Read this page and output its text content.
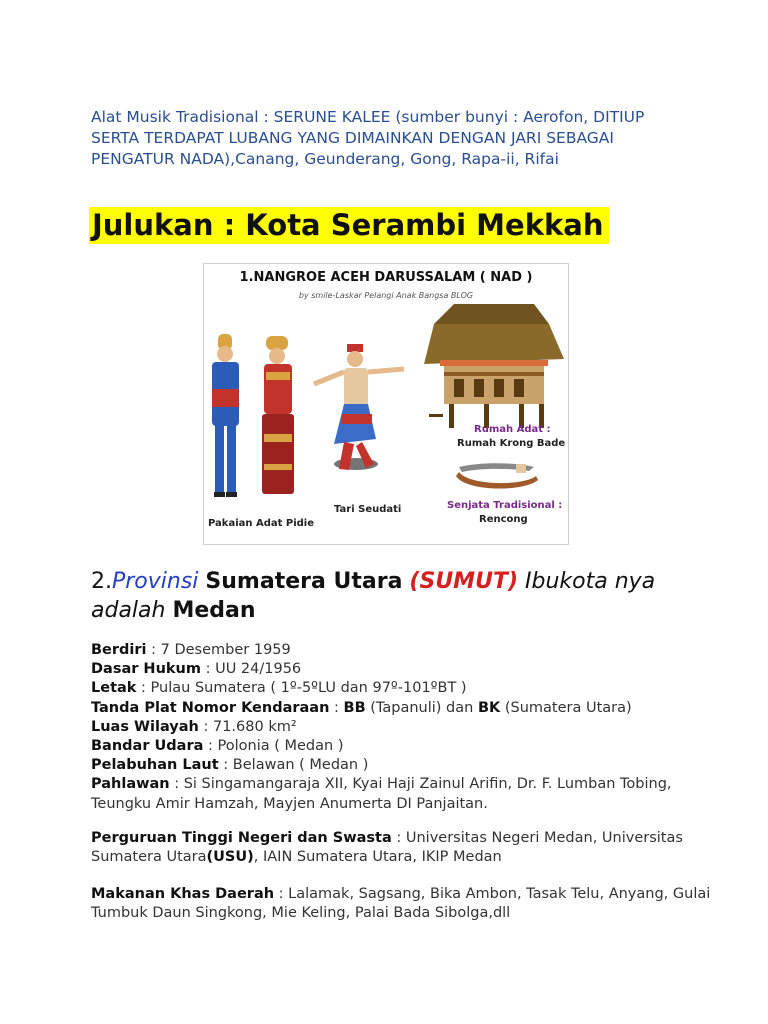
Alat Musik Tradisional : SERUNE KALEE (sumber bunyi : Aerofon, DITIUP SERTA TERDAPAT LUBANG YANG DIMAINKAN DENGAN JARI SEBAGAI PENGATUR NADA),Canang, Geunderang, Gong, Rapa-ii, Rifai
Julukan : Kota Serambi Mekkah
1.NANGROE ACEH DARUSSALAM ( NAD )
by smile-Laskar Pelangi Anak Bangsa BLOG
Rumah Adat :
Rumah Krong Bade
Senjata Tradisional :
Rencong
Tari Seudati
Pakaian Adat Pidie
2.Provinsi Sumatera Utara (SUMUT) Ibukota nya
adalah Medan
Berdiri : 7 Desember 1959
Dasar Hukum : UU 24/1956
Letak : Pulau Sumatera ( 1º-5ºLU dan 97º-101ºBT )
Tanda Plat Nomor Kendaraan : BB (Tapanuli) dan BK (Sumatera Utara)
Luas Wilayah : 71.680 km²
Bandar Udara : Polonia ( Medan )
Pelabuhan Laut : Belawan ( Medan )
Pahlawan : Si Singamangaraja XII, Kyai Haji Zainul Arifin, Dr. F. Lumban Tobing, Teungku Amir Hamzah, Mayjen Anumerta DI Panjaitan.
Perguruan Tinggi Negeri dan Swasta : Universitas Negeri Medan, Universitas Sumatera Utara(USU), IAIN Sumatera Utara, IKIP Medan
Makanan Khas Daerah : Lalamak, Sagsang, Bika Ambon, Tasak Telu, Anyang, Gulai Tumbuk Daun Singkong, Mie Keling, Palai Bada Sibolga,dll
